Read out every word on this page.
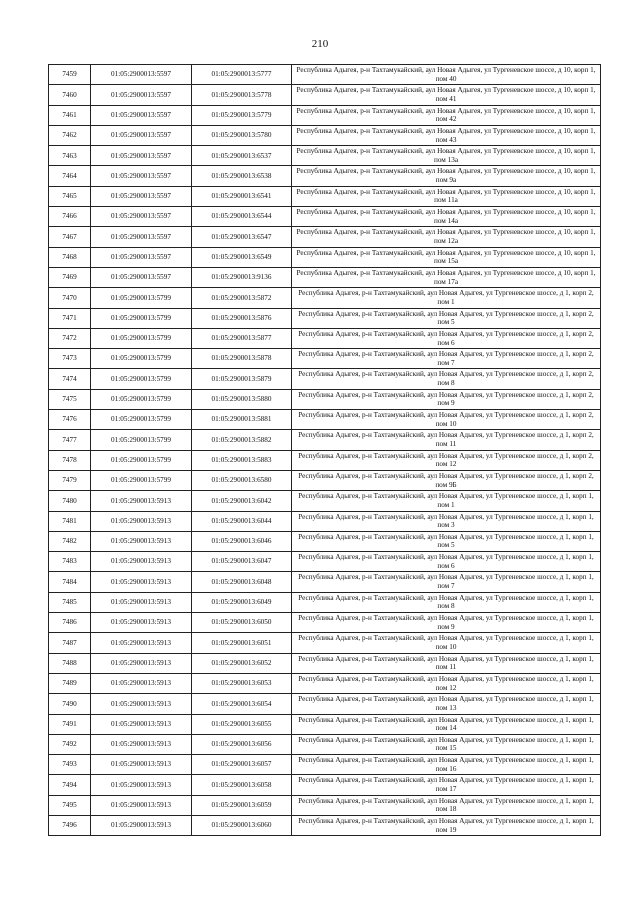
210
7459	01:05:2900013:5597	01:05:2900013:5777	Республика Адыгея, р-н Тахтамукайский, аул Новая Адыгея, ул Тургеневское шоссе, д 10, корп 1, пом 40
7460	01:05:2900013:5597	01:05:2900013:5778	Республика Адыгея, р-н Тахтамукайский, аул Новая Адыгея, ул Тургеневское шоссе, д 10, корп 1, пом 41
7461	01:05:2900013:5597	01:05:2900013:5779	Республика Адыгея, р-н Тахтамукайский, аул Новая Адыгея, ул Тургеневское шоссе, д 10, корп 1, пом 42
7462	01:05:2900013:5597	01:05:2900013:5780	Республика Адыгея, р-н Тахтамукайский, аул Новая Адыгея, ул Тургеневское шоссе, д 10, корп 1, пом 43
7463	01:05:2900013:5597	01:05:2900013:6537	Республика Адыгея, р-н Тахтамукайский, аул Новая Адыгея, ул Тургеневское шоссе, д 10, корп 1, пом 13а
7464	01:05:2900013:5597	01:05:2900013:6538	Республика Адыгея, р-н Тахтамукайский, аул Новая Адыгея, ул Тургеневское шоссе, д 10, корп 1, пом 9а
7465	01:05:2900013:5597	01:05:2900013:6541	Республика Адыгея, р-н Тахтамукайский, аул Новая Адыгея, ул Тургеневское шоссе, д 10, корп 1, пом 11а
7466	01:05:2900013:5597	01:05:2900013:6544	Республика Адыгея, р-н Тахтамукайский, аул Новая Адыгея, ул Тургеневское шоссе, д 10, корп 1, пом 14а
7467	01:05:2900013:5597	01:05:2900013:6547	Республика Адыгея, р-н Тахтамукайский, аул Новая Адыгея, ул Тургеневское шоссе, д 10, корп 1, пом 12а
7468	01:05:2900013:5597	01:05:2900013:6549	Республика Адыгея, р-н Тахтамукайский, аул Новая Адыгея, ул Тургеневское шоссе, д 10, корп 1, пом 15а
7469	01:05:2900013:5597	01:05:2900013:9136	Республика Адыгея, р-н Тахтамукайский, аул Новая Адыгея, ул Тургеневское шоссе, д 10, корп 1, пом 17а
7470	01:05:2900013:5799	01:05:2900013:5872	Республика Адыгея, р-н Тахтамукайский, аул Новая Адыгея, ул Тургеневское шоссе, д 1, корп 2, пом 1
7471	01:05:2900013:5799	01:05:2900013:5876	Республика Адыгея, р-н Тахтамукайский, аул Новая Адыгея, ул Тургеневское шоссе, д 1, корп 2, пом 5
7472	01:05:2900013:5799	01:05:2900013:5877	Республика Адыгея, р-н Тахтамукайский, аул Новая Адыгея, ул Тургеневское шоссе, д 1, корп 2, пом 6
7473	01:05:2900013:5799	01:05:2900013:5878	Республика Адыгея, р-н Тахтамукайский, аул Новая Адыгея, ул Тургеневское шоссе, д 1, корп 2, пом 7
7474	01:05:2900013:5799	01:05:2900013:5879	Республика Адыгея, р-н Тахтамукайский, аул Новая Адыгея, ул Тургеневское шоссе, д 1, корп 2, пом 8
7475	01:05:2900013:5799	01:05:2900013:5880	Республика Адыгея, р-н Тахтамукайский, аул Новая Адыгея, ул Тургеневское шоссе, д 1, корп 2, пом 9
7476	01:05:2900013:5799	01:05:2900013:5881	Республика Адыгея, р-н Тахтамукайский, аул Новая Адыгея, ул Тургеневское шоссе, д 1, корп 2, пом 10
7477	01:05:2900013:5799	01:05:2900013:5882	Республика Адыгея, р-н Тахтамукайский, аул Новая Адыгея, ул Тургеневское шоссе, д 1, корп 2, пом 11
7478	01:05:2900013:5799	01:05:2900013:5883	Республика Адыгея, р-н Тахтамукайский, аул Новая Адыгея, ул Тургеневское шоссе, д 1, корп 2, пом 12
7479	01:05:2900013:5799	01:05:2900013:6580	Республика Адыгея, р-н Тахтамукайский, аул Новая Адыгея, ул Тургеневское шоссе, д 1, корп 2, пом 9Б
7480	01:05:2900013:5913	01:05:2900013:6042	Республика Адыгея, р-н Тахтамукайский, аул Новая Адыгея, ул Тургеневское шоссе, д 1, корп 1, пом 1
7481	01:05:2900013:5913	01:05:2900013:6044	Республика Адыгея, р-н Тахтамукайский, аул Новая Адыгея, ул Тургеневское шоссе, д 1, корп 1, пом 3
7482	01:05:2900013:5913	01:05:2900013:6046	Республика Адыгея, р-н Тахтамукайский, аул Новая Адыгея, ул Тургеневское шоссе, д 1, корп 1, пом 5
7483	01:05:2900013:5913	01:05:2900013:6047	Республика Адыгея, р-н Тахтамукайский, аул Новая Адыгея, ул Тургеневское шоссе, д 1, корп 1, пом 6
7484	01:05:2900013:5913	01:05:2900013:6048	Республика Адыгея, р-н Тахтамукайский, аул Новая Адыгея, ул Тургеневское шоссе, д 1, корп 1, пом 7
7485	01:05:2900013:5913	01:05:2900013:6049	Республика Адыгея, р-н Тахтамукайский, аул Новая Адыгея, ул Тургеневское шоссе, д 1, корп 1, пом 8
7486	01:05:2900013:5913	01:05:2900013:6050	Республика Адыгея, р-н Тахтамукайский, аул Новая Адыгея, ул Тургеневское шоссе, д 1, корп 1, пом 9
7487	01:05:2900013:5913	01:05:2900013:6051	Республика Адыгея, р-н Тахтамукайский, аул Новая Адыгея, ул Тургеневское шоссе, д 1, корп 1, пом 10
7488	01:05:2900013:5913	01:05:2900013:6052	Республика Адыгея, р-н Тахтамукайский, аул Новая Адыгея, ул Тургеневское шоссе, д 1, корп 1, пом 11
7489	01:05:2900013:5913	01:05:2900013:6053	Республика Адыгея, р-н Тахтамукайский, аул Новая Адыгея, ул Тургеневское шоссе, д 1, корп 1, пом 12
7490	01:05:2900013:5913	01:05:2900013:6054	Республика Адыгея, р-н Тахтамукайский, аул Новая Адыгея, ул Тургеневское шоссе, д 1, корп 1, пом 13
7491	01:05:2900013:5913	01:05:2900013:6055	Республика Адыгея, р-н Тахтамукайский, аул Новая Адыгея, ул Тургеневское шоссе, д 1, корп 1, пом 14
7492	01:05:2900013:5913	01:05:2900013:6056	Республика Адыгея, р-н Тахтамукайский, аул Новая Адыгея, ул Тургеневское шоссе, д 1, корп 1, пом 15
7493	01:05:2900013:5913	01:05:2900013:6057	Республика Адыгея, р-н Тахтамукайский, аул Новая Адыгея, ул Тургеневское шоссе, д 1, корп 1, пом 16
7494	01:05:2900013:5913	01:05:2900013:6058	Республика Адыгея, р-н Тахтамукайский, аул Новая Адыгея, ул Тургеневское шоссе, д 1, корп 1, пом 17
7495	01:05:2900013:5913	01:05:2900013:6059	Республика Адыгея, р-н Тахтамукайский, аул Новая Адыгея, ул Тургеневское шоссе, д 1, корп 1, пом 18
7496	01:05:2900013:5913	01:05:2900013:6060	Республика Адыгея, р-н Тахтамукайский, аул Новая Адыгея, ул Тургеневское шоссе, д 1, корп 1, пом 19
